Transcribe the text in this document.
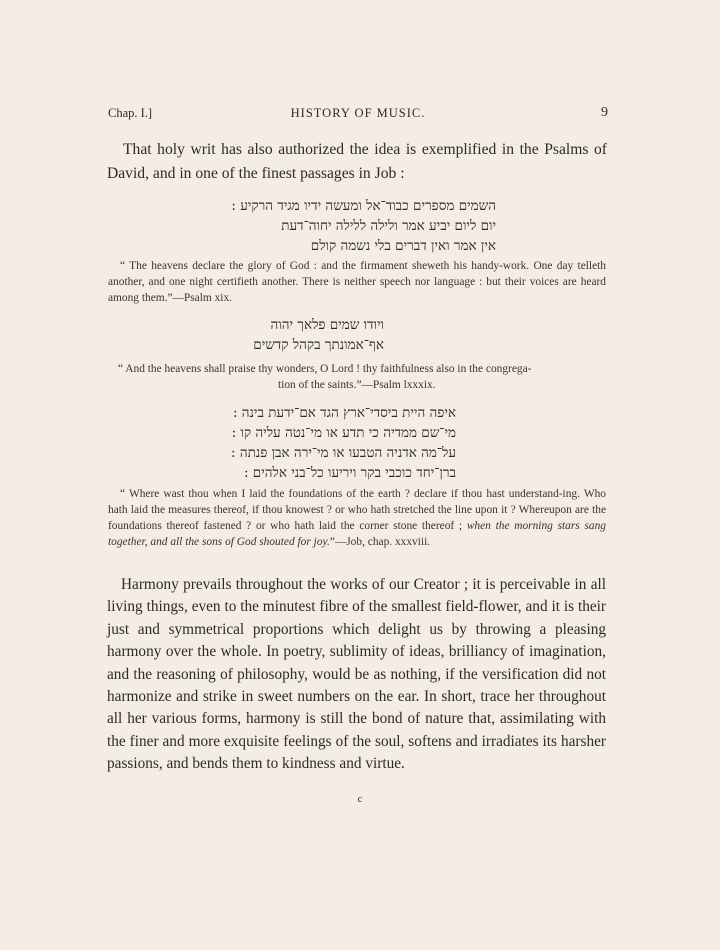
Chap. I.]	HISTORY OF MUSIC.	9

That holy writ has also authorized the idea is exemplified in the Psalms of David, and in one of the finest passages in Job :

השמים מספרים כבוד־אל ומעשה ידיו מגיד הרקיע :
יום ליום יביע אמר ולילה ללילה יחוה־דעת
אין אמר ואין דברים בלי נשמה קולם

“ The heavens declare the glory of God : and the firmament sheweth his handy-work. One day telleth another, and one night certifieth another. There is neither speech nor language : but their voices are heard among them.”—Psalm xix.

ויודו שמים פלאך יהוה
אף־אמונתך בקהל קדשים

“ And the heavens shall praise thy wonders, O Lord ! thy faithfulness also in the congrega-
tion of the saints.”—Psalm lxxxix.

איפה היית ביסדי־ארץ הגד אם־ידעת בינה :
מי־שם ממדיה כי תדע או מי־נטה עליה קו :
על־מה אדניה הטבעו או מי־ירה אבן פנתה :
ברן־יחד כוכבי בקר ויריעו כל־בני אלהים :

“ Where wast thou when I laid the foundations of the earth ? declare if thou hast understand-ing. Who hath laid the measures thereof, if thou knowest ? or who hath stretched the line upon it ? Whereupon are the foundations thereof fastened ? or who hath laid the corner stone thereof ; when the morning stars sang together, and all the sons of God shouted for joy.”—Job, chap. xxxviii.

Harmony prevails throughout the works of our Creator ; it is perceivable in all living things, even to the minutest fibre of the smallest field-flower, and it is their just and symmetrical proportions which delight us by throwing a pleasing harmony over the whole. In poetry, sublimity of ideas, brilliancy of imagination, and the reasoning of philosophy, would be as nothing, if the versification did not harmonize and strike in sweet numbers on the ear. In short, trace her throughout all her various forms, harmony is still the bond of nature that, assimilating with the finer and more exquisite feelings of the soul, softens and irradiates its harsher passions, and bends them to kindness and virtue.

c
